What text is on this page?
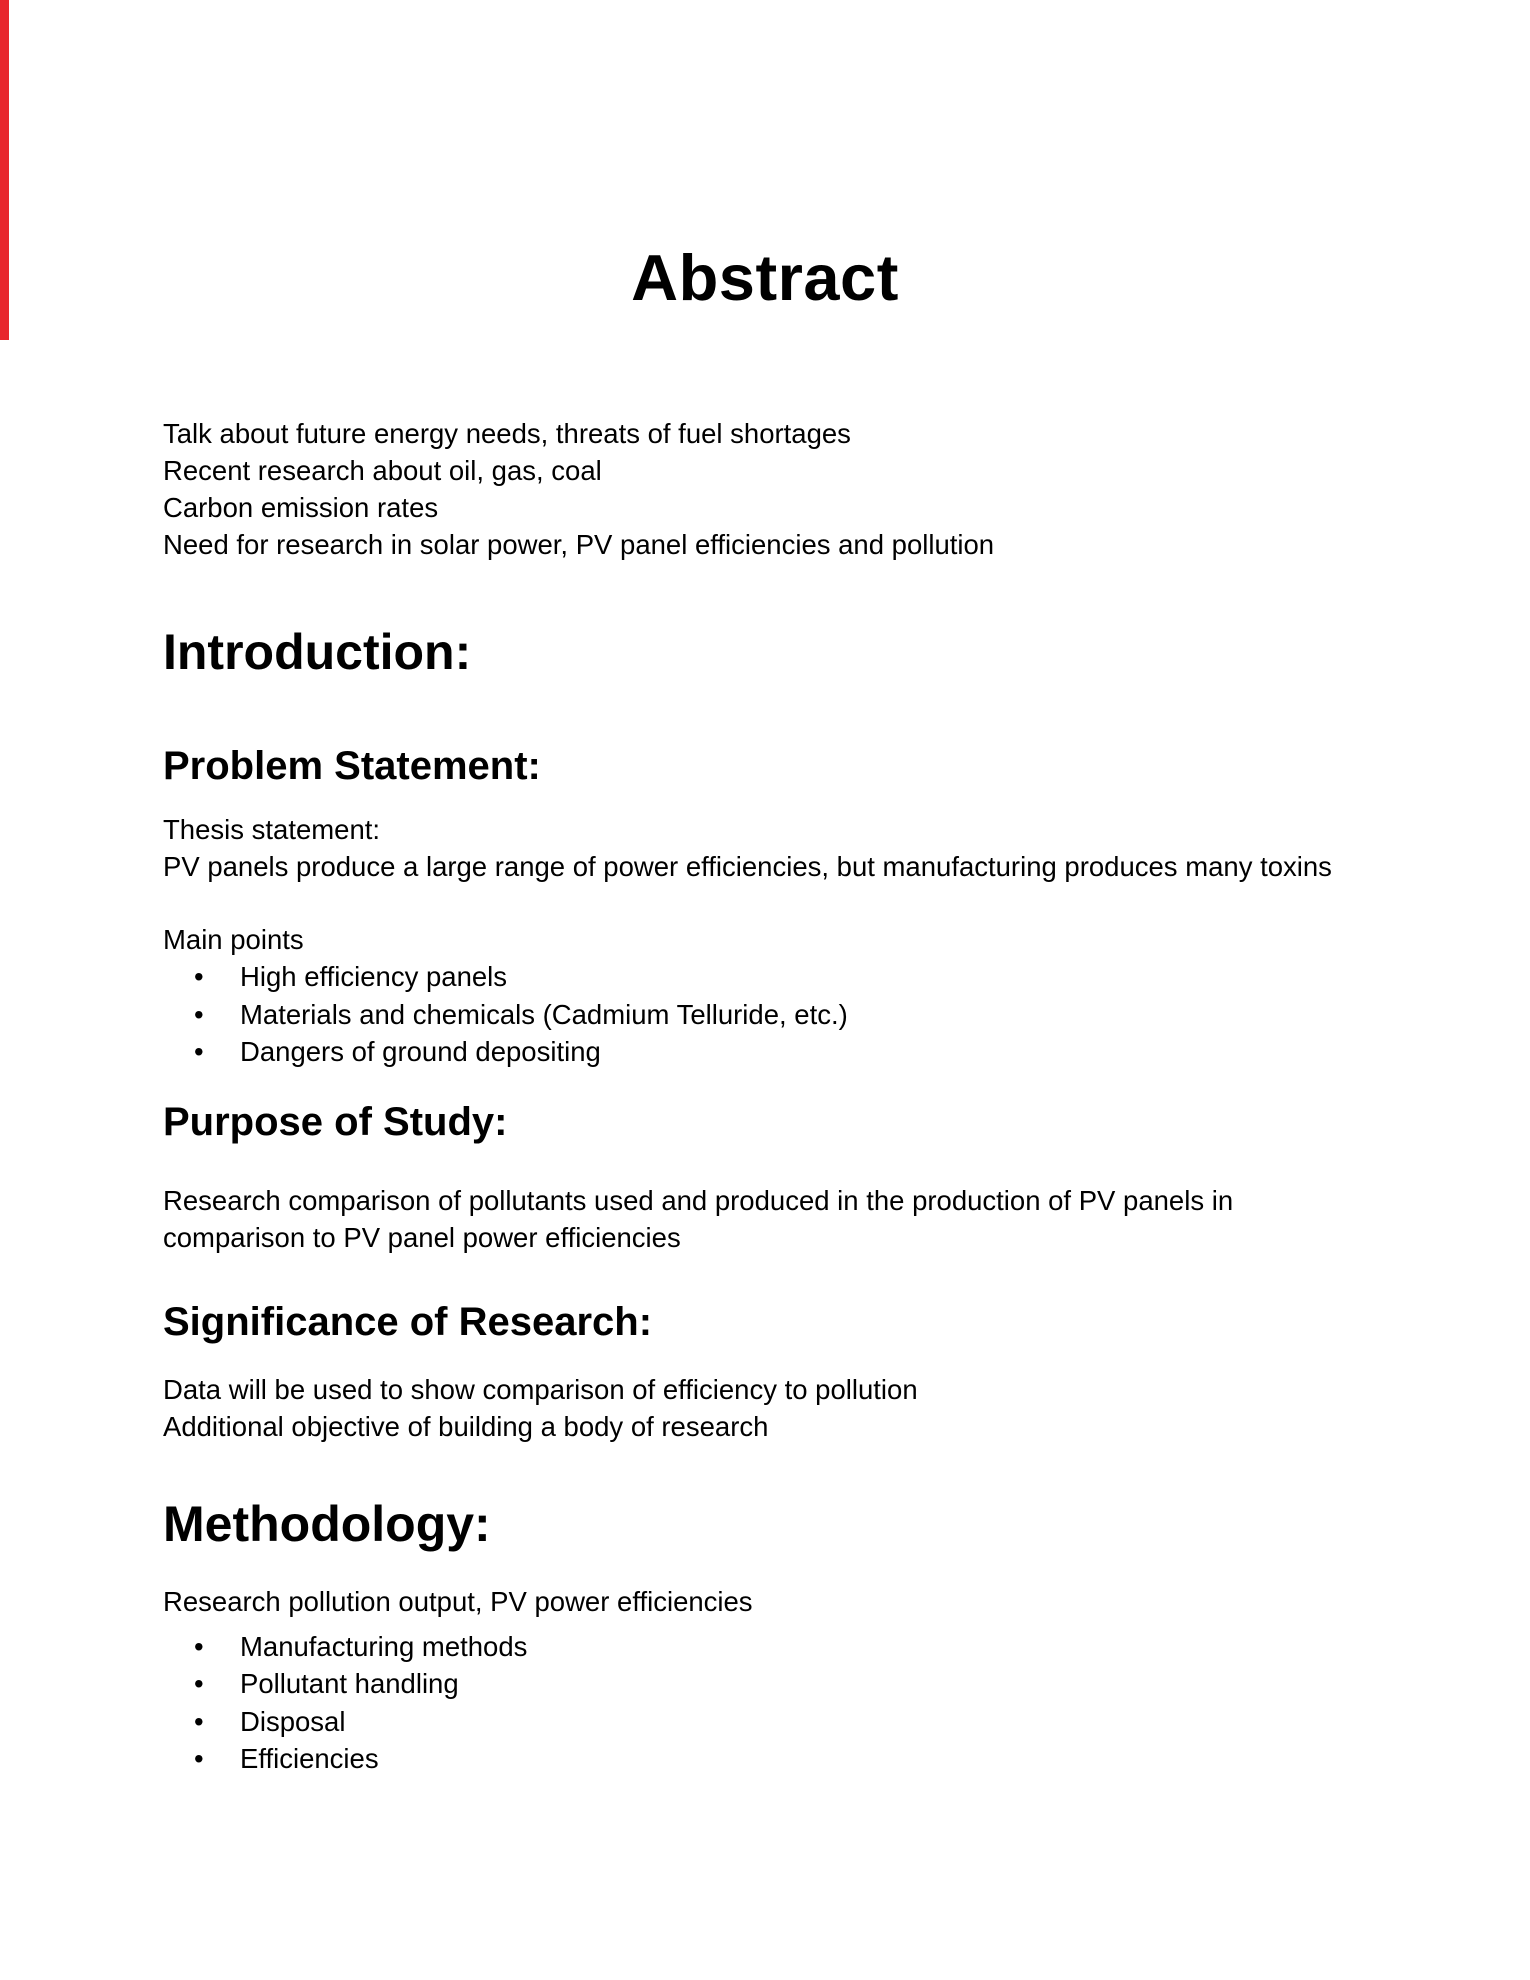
Abstract
Talk about future energy needs, threats of fuel shortages
Recent research about oil, gas, coal
Carbon emission rates
Need for research in solar power, PV panel efficiencies and pollution
Introduction:
Problem Statement:
Thesis statement:
PV panels produce a large range of power efficiencies, but manufacturing produces many toxins
Main points
• High efficiency panels
• Materials and chemicals (Cadmium Telluride, etc.)
• Dangers of ground depositing
Purpose of Study:
Research comparison of pollutants used and produced in the production of PV panels in
comparison to PV panel power efficiencies
Significance of Research:
Data will be used to show comparison of efficiency to pollution
Additional objective of building a body of research
Methodology:
Research pollution output, PV power efficiencies
• Manufacturing methods
• Pollutant handling
• Disposal
• Efficiencies
